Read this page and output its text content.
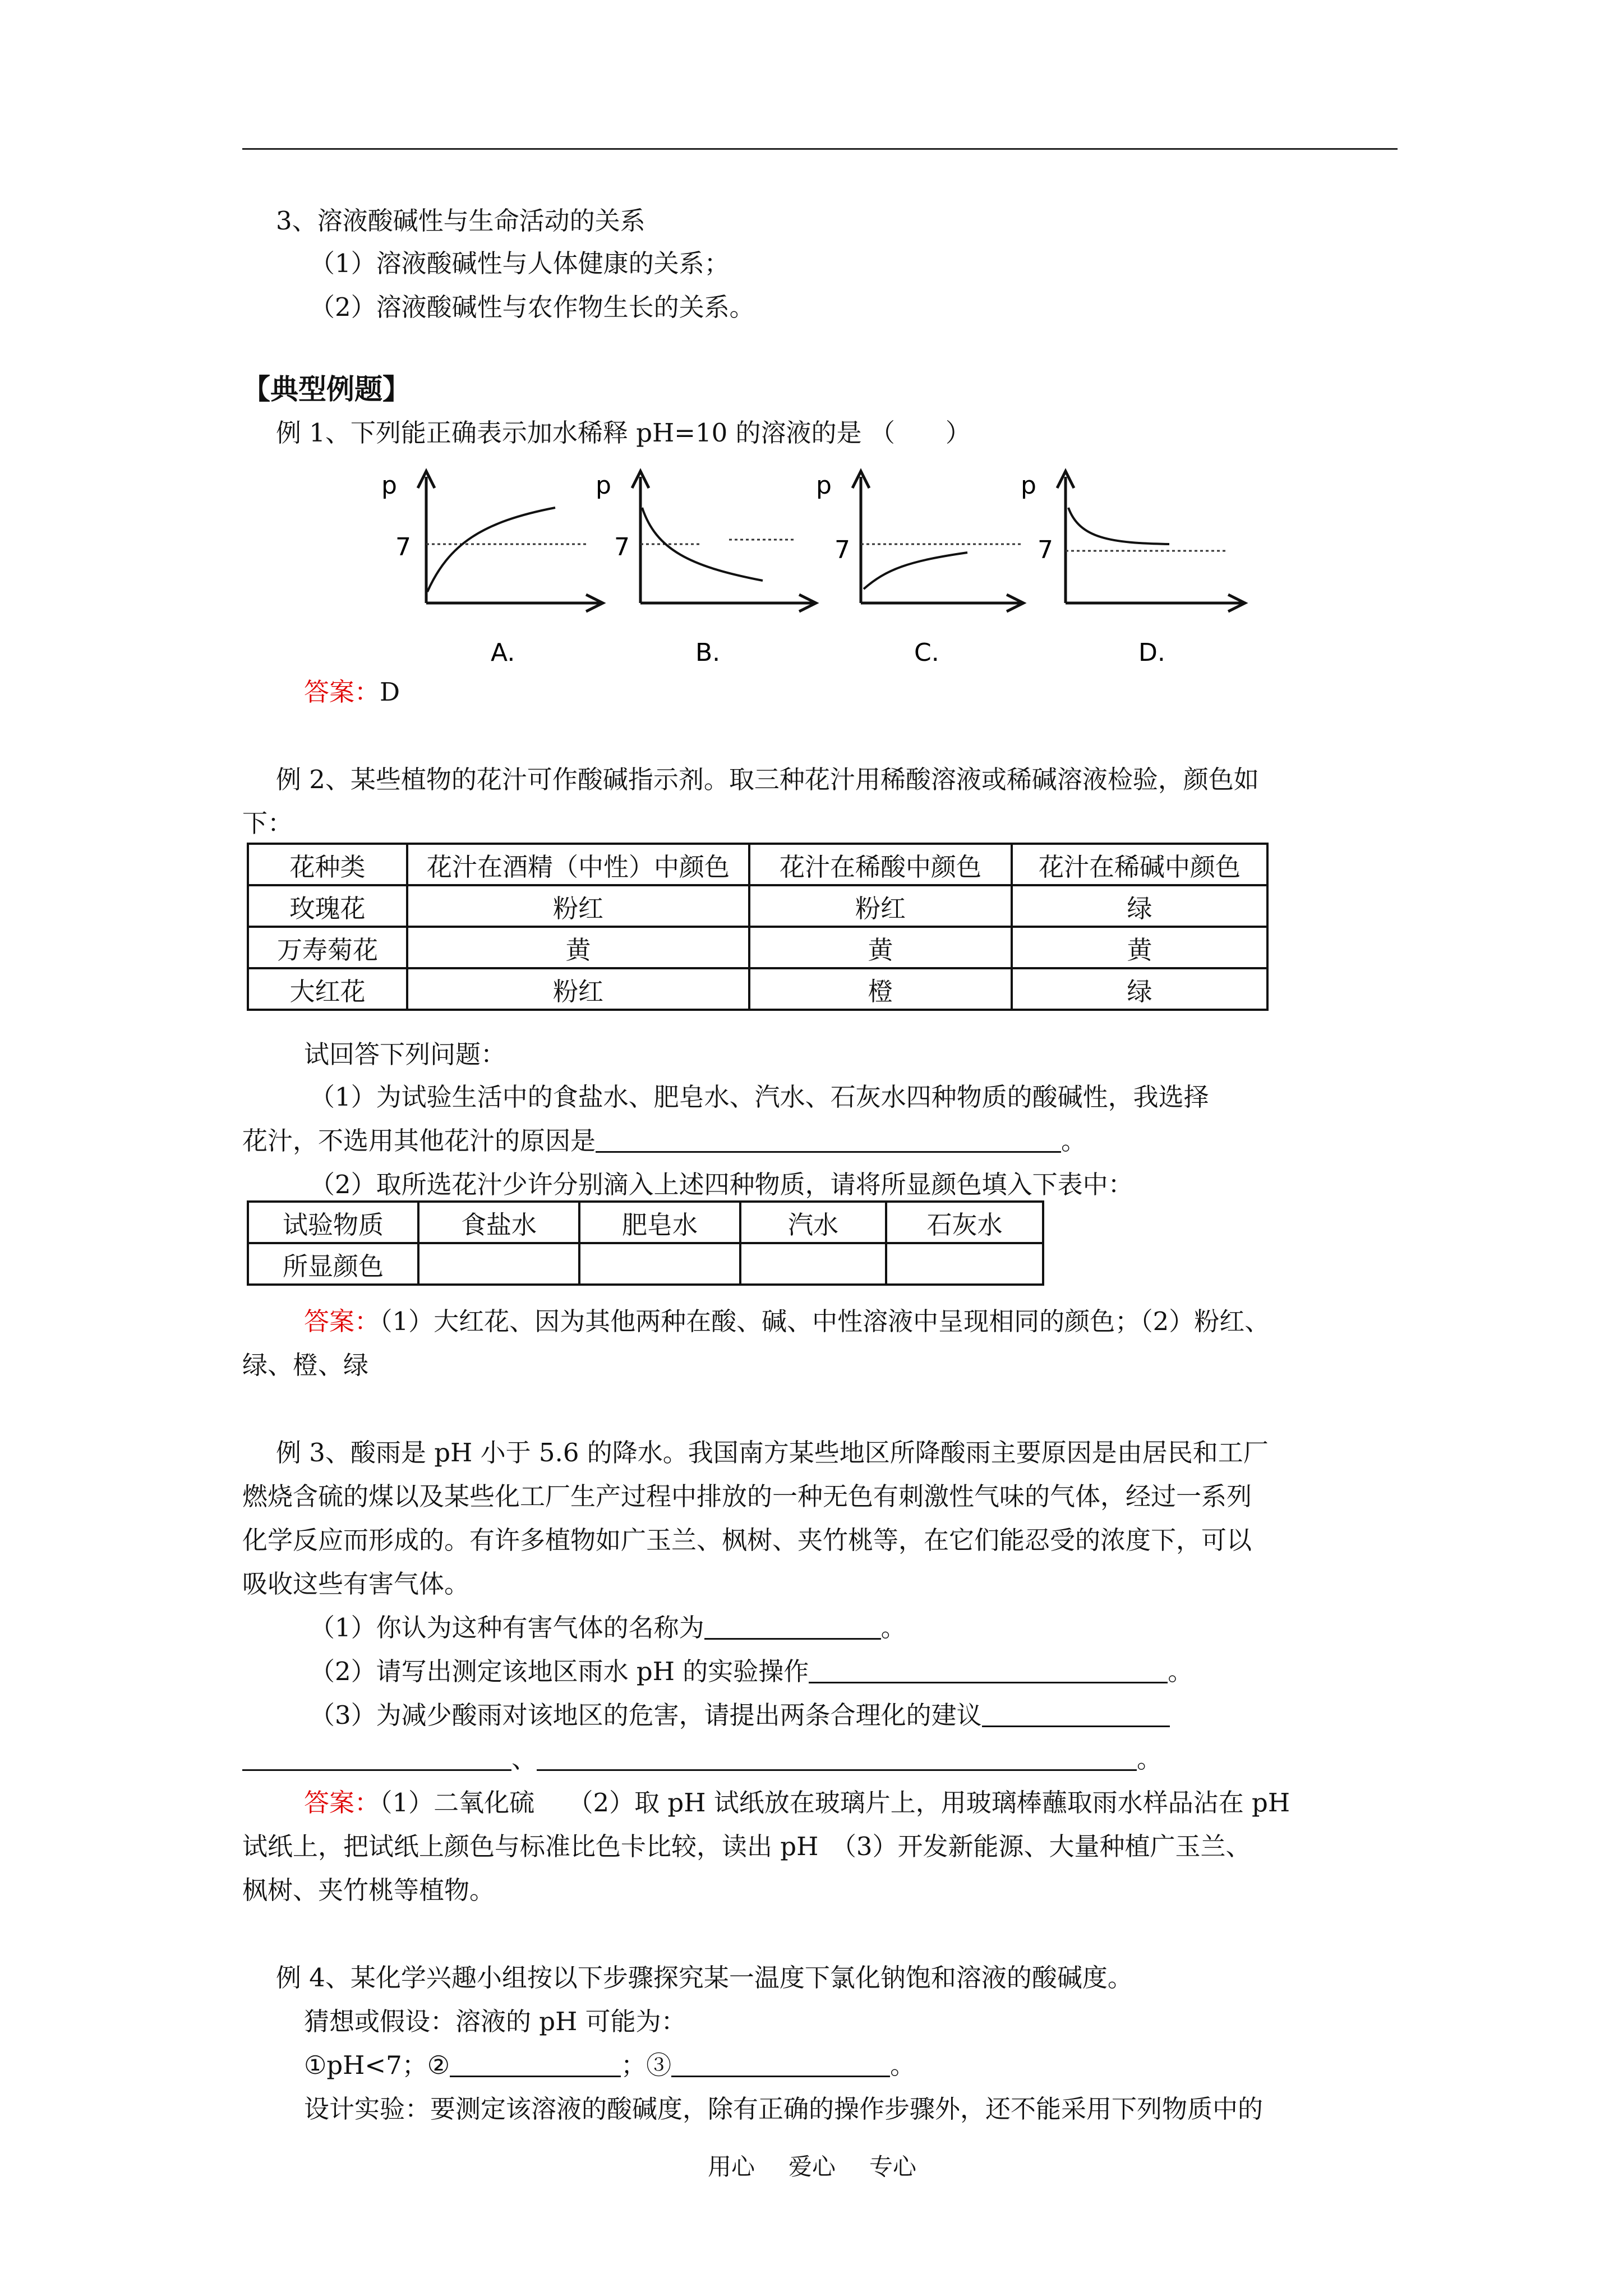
3、溶液酸碱性与生命活动的关系
（1）溶液酸碱性与人体健康的关系；
（2）溶液酸碱性与农作物生长的关系。
【典型例题】
例 1、下列能正确表示加水稀释 pH=10 的溶液的是 （　　）
p
7
A.
p
7
B.
p
7
C.
p
7
D.
答案：D
例 2、某些植物的花汁可作酸碱指示剂。取三种花汁用稀酸溶液或稀碱溶液检验，颜色如
下：
花种类	花汁在酒精（中性）中颜色	花汁在稀酸中颜色	花汁在稀碱中颜色
玫瑰花	粉红	粉红	绿
万寿菊花	黄	黄	黄
大红花	粉红	橙	绿
试回答下列问题：
（1）为试验生活中的食盐水、肥皂水、汽水、石灰水四种物质的酸碱性，我选择
花汁，不选用其他花汁的原因是	。
（2）取所选花汁少许分别滴入上述四种物质，请将所显颜色填入下表中：
试验物质	食盐水	肥皂水	汽水	石灰水
所显颜色				
答案：（1）大红花、因为其他两种在酸、碱、中性溶液中呈现相同的颜色；（2）粉红、
绿、橙、绿
例 3、酸雨是 pH 小于 5.6 的降水。我国南方某些地区所降酸雨主要原因是由居民和工厂
燃烧含硫的煤以及某些化工厂生产过程中排放的一种无色有刺激性气味的气体，经过一系列
化学反应而形成的。有许多植物如广玉兰、枫树、夹竹桃等，在它们能忍受的浓度下，可以
吸收这些有害气体。
（1）你认为这种有害气体的名称为	。
（2）请写出测定该地区雨水 pH 的实验操作	。
（3）为减少酸雨对该地区的危害，请提出两条合理化的建议
、	。
答案：（1）二氧化硫　 （2）取 pH 试纸放在玻璃片上，用玻璃棒蘸取雨水样品沾在 pH
试纸上，把试纸上颜色与标准比色卡比较，读出 pH　（3）开发新能源、大量种植广玉兰、
枫树、夹竹桃等植物。
例 4、某化学兴趣小组按以下步骤探究某一温度下氯化钠饱和溶液的酸碱度。
猜想或假设：溶液的 pH 可能为：
①pH<7；②	；③	。
设计实验：要测定该溶液的酸碱度，除有正确的操作步骤外，还不能采用下列物质中的
用心 爱心 专心
